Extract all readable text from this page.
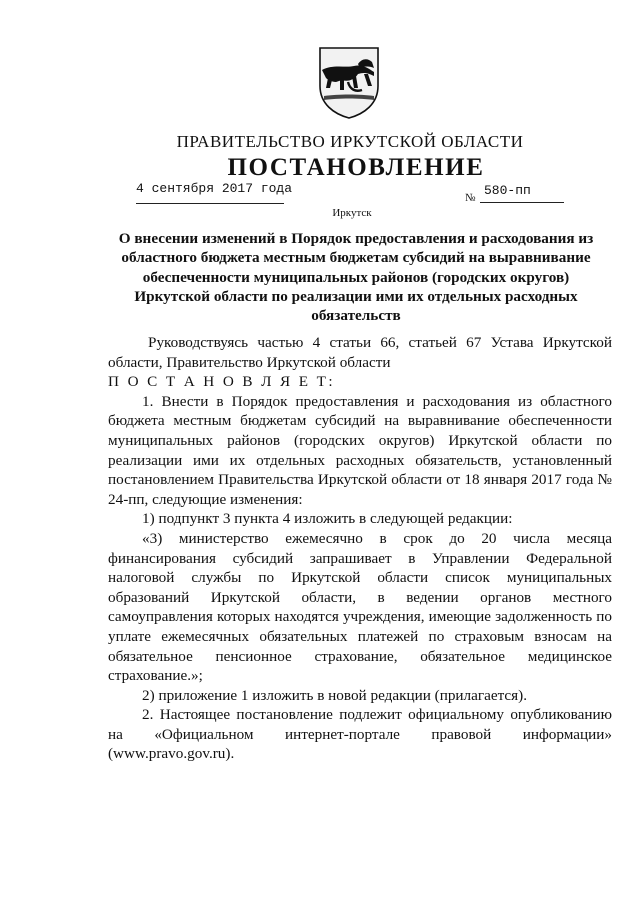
ПРАВИТЕЛЬСТВО ИРКУТСКОЙ ОБЛАСТИ
ПОСТАНОВЛЕНИЕ
4 сентября 2017 года
№ 580-пп
Иркутск
О внесении изменений в Порядок предоставления и расходования из областного бюджета местным бюджетам субсидий на выравнивание обеспеченности муниципальных районов (городских округов) Иркутской области по реализации ими их отдельных расходных обязательств

Руководствуясь частью 4 статьи 66, статьей 67 Устава Иркутской области, Правительство Иркутской области

П О С Т А Н О В Л Я Е Т:

1. Внести в Порядок предоставления и расходования из областного бюджета местным бюджетам субсидий на выравнивание обеспеченности муниципальных районов (городских округов) Иркутской области по реализации ими их отдельных расходных обязательств, установленный постановлением Правительства Иркутской области от 18 января 2017 года № 24-пп, следующие изменения:

1) подпункт 3 пункта 4 изложить в следующей редакции:

«3) министерство ежемесячно в срок до 20 числа месяца финансирования субсидий запрашивает в Управлении Федеральной налоговой службы по Иркутской области список муниципальных образований Иркутской области, в ведении органов местного самоуправления которых находятся учреждения, имеющие задолженность по уплате ежемесячных обязательных платежей по страховым взносам на обязательное пенсионное страхование, обязательное медицинское страхование.»;

2) приложение 1 изложить в новой редакции (прилагается).

2. Настоящее постановление подлежит официальному опубликованию на «Официальном интернет-портале правовой информации» (www.pravo.gov.ru).
